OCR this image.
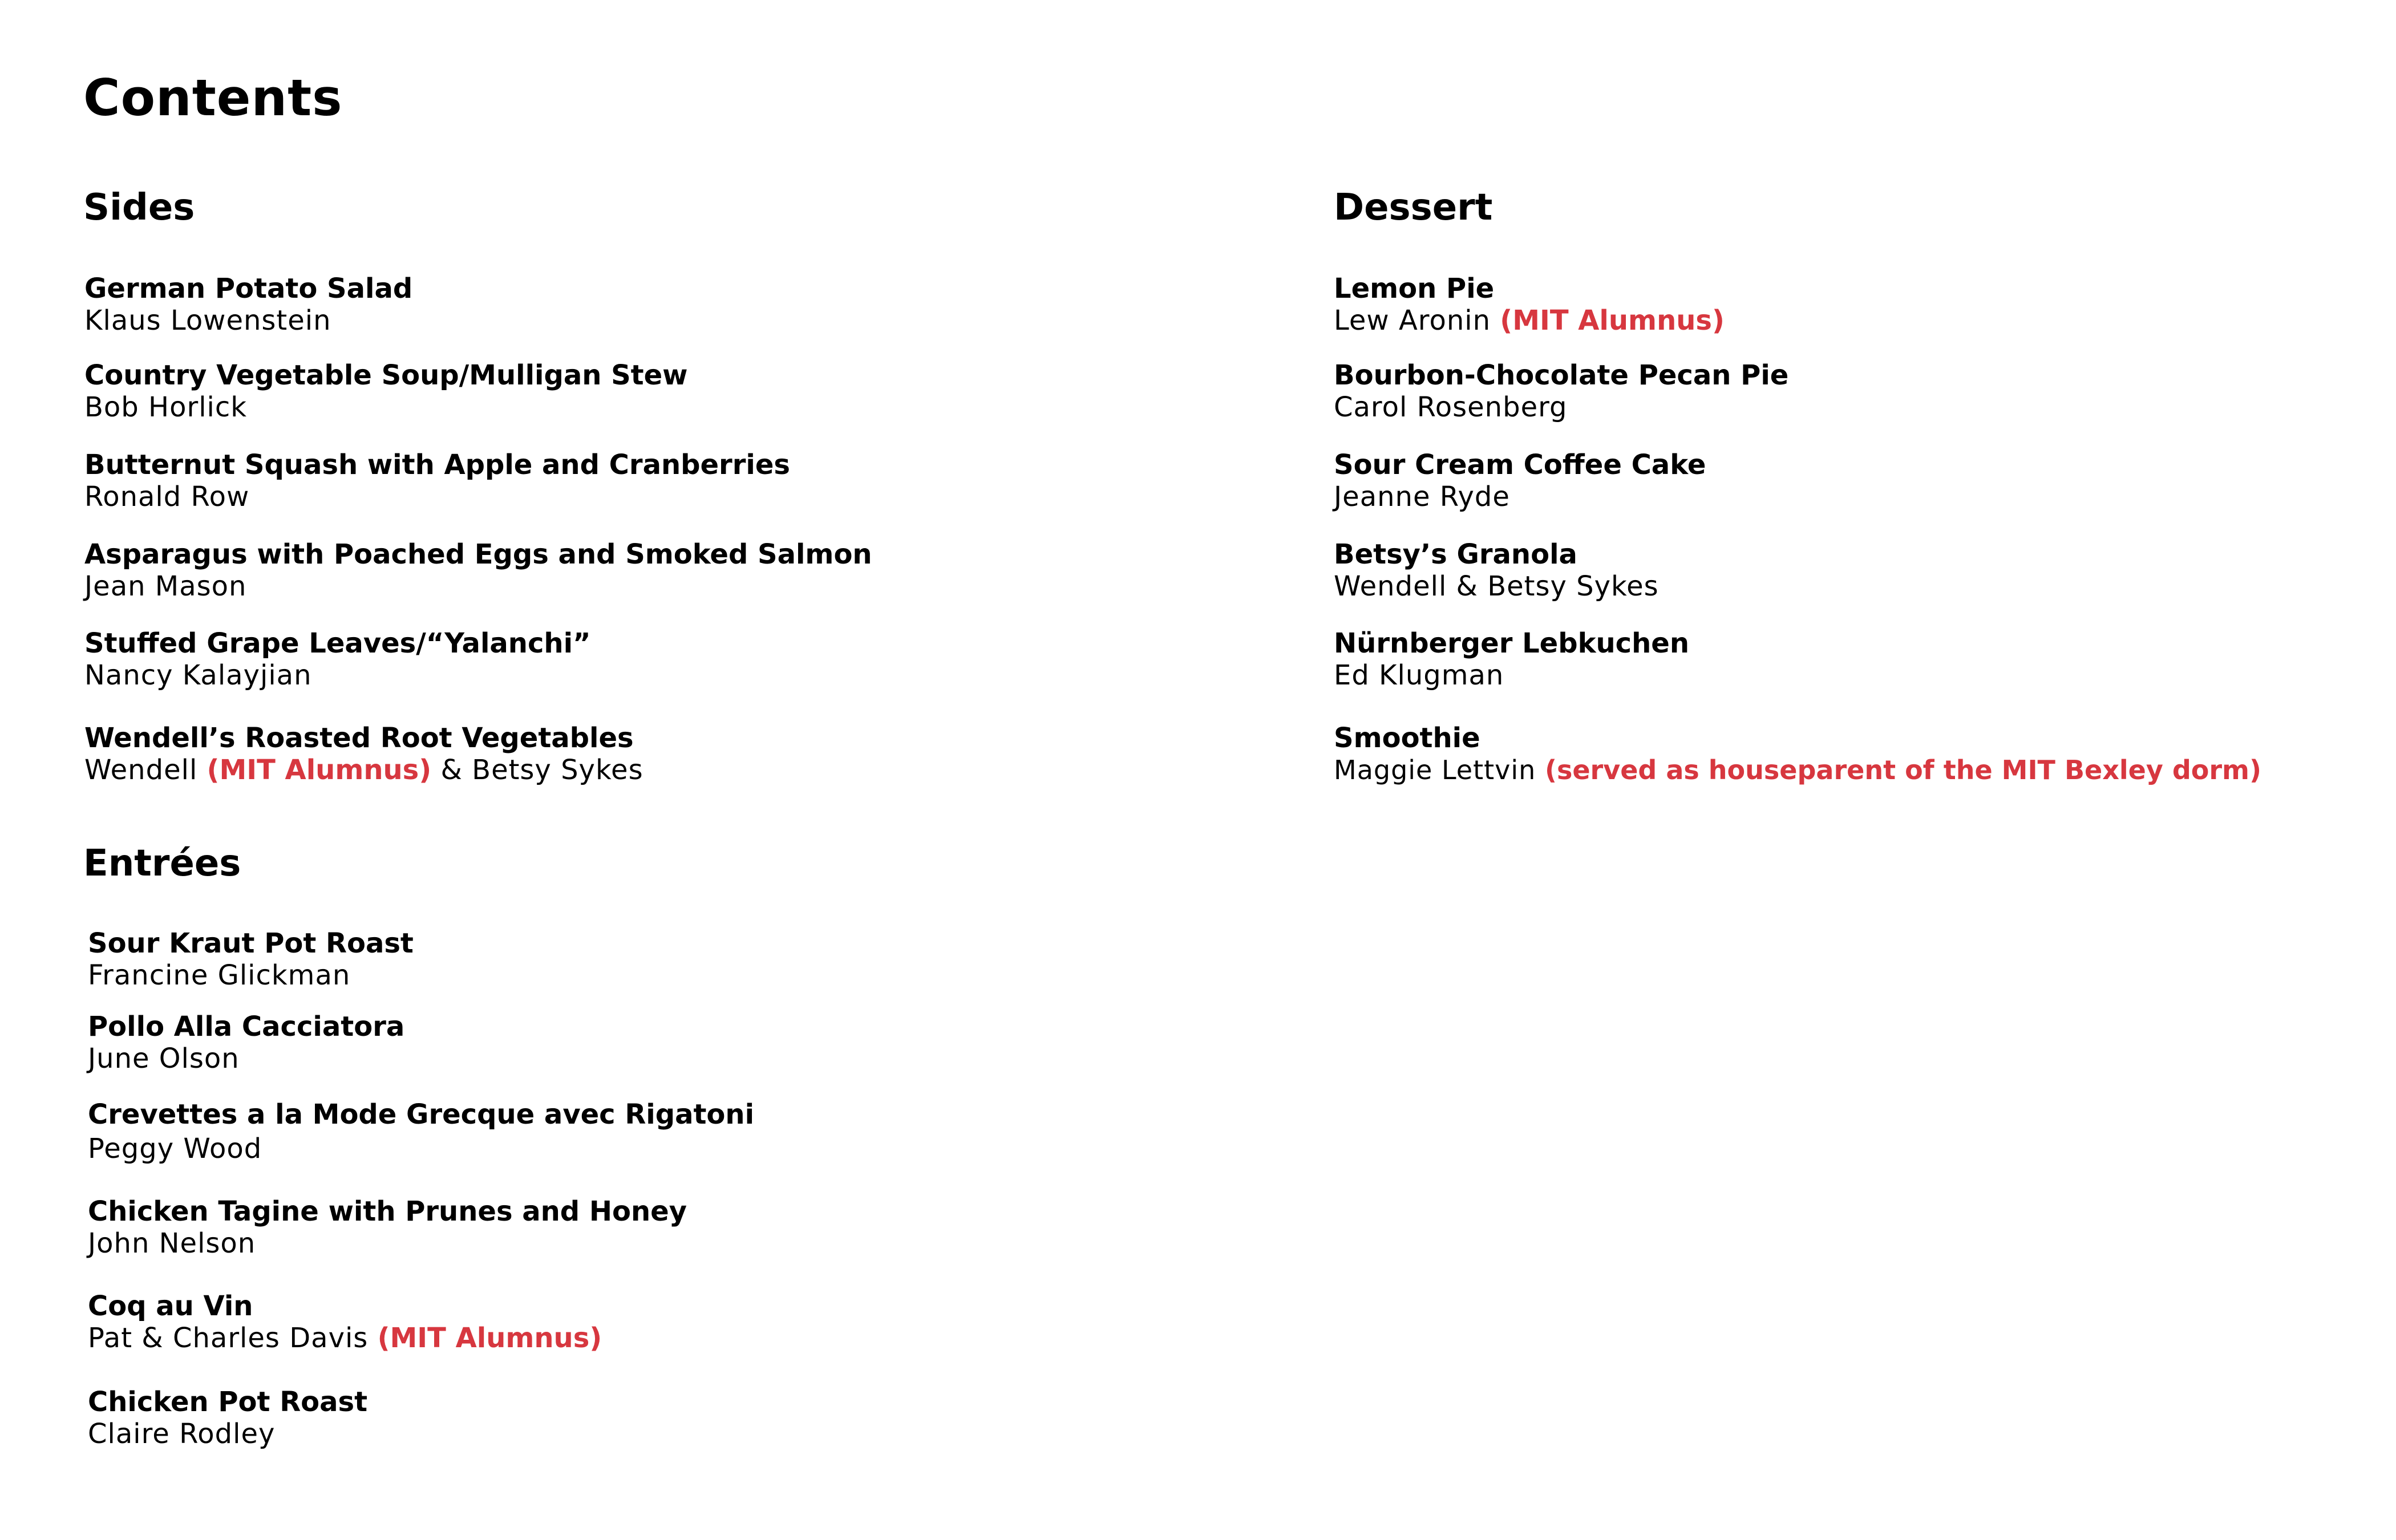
Contents
Sides
German Potato Salad
Klaus Lowenstein
Country Vegetable Soup/Mulligan Stew
Bob Horlick
Butternut Squash with Apple and Cranberries
Ronald Row
Asparagus with Poached Eggs and Smoked Salmon
Jean Mason
Stuffed Grape Leaves/“Yalanchi”
Nancy Kalayjian
Wendell’s Roasted Root Vegetables
Wendell (MIT Alumnus) & Betsy Sykes
Entrées
Sour Kraut Pot Roast
Francine Glickman
Pollo Alla Cacciatora
June Olson
Crevettes a la Mode Grecque avec Rigatoni
Peggy Wood
Chicken Tagine with Prunes and Honey
John Nelson
Coq au Vin
Pat & Charles Davis (MIT Alumnus)
Chicken Pot Roast
Claire Rodley
Dessert
Lemon Pie
Lew Aronin (MIT Alumnus)
Bourbon-Chocolate Pecan Pie
Carol Rosenberg
Sour Cream Coffee Cake
Jeanne Ryde
Betsy’s Granola
Wendell & Betsy Sykes
Nürnberger Lebkuchen
Ed Klugman
Smoothie
Maggie Lettvin (served as houseparent of the MIT Bexley dorm)
